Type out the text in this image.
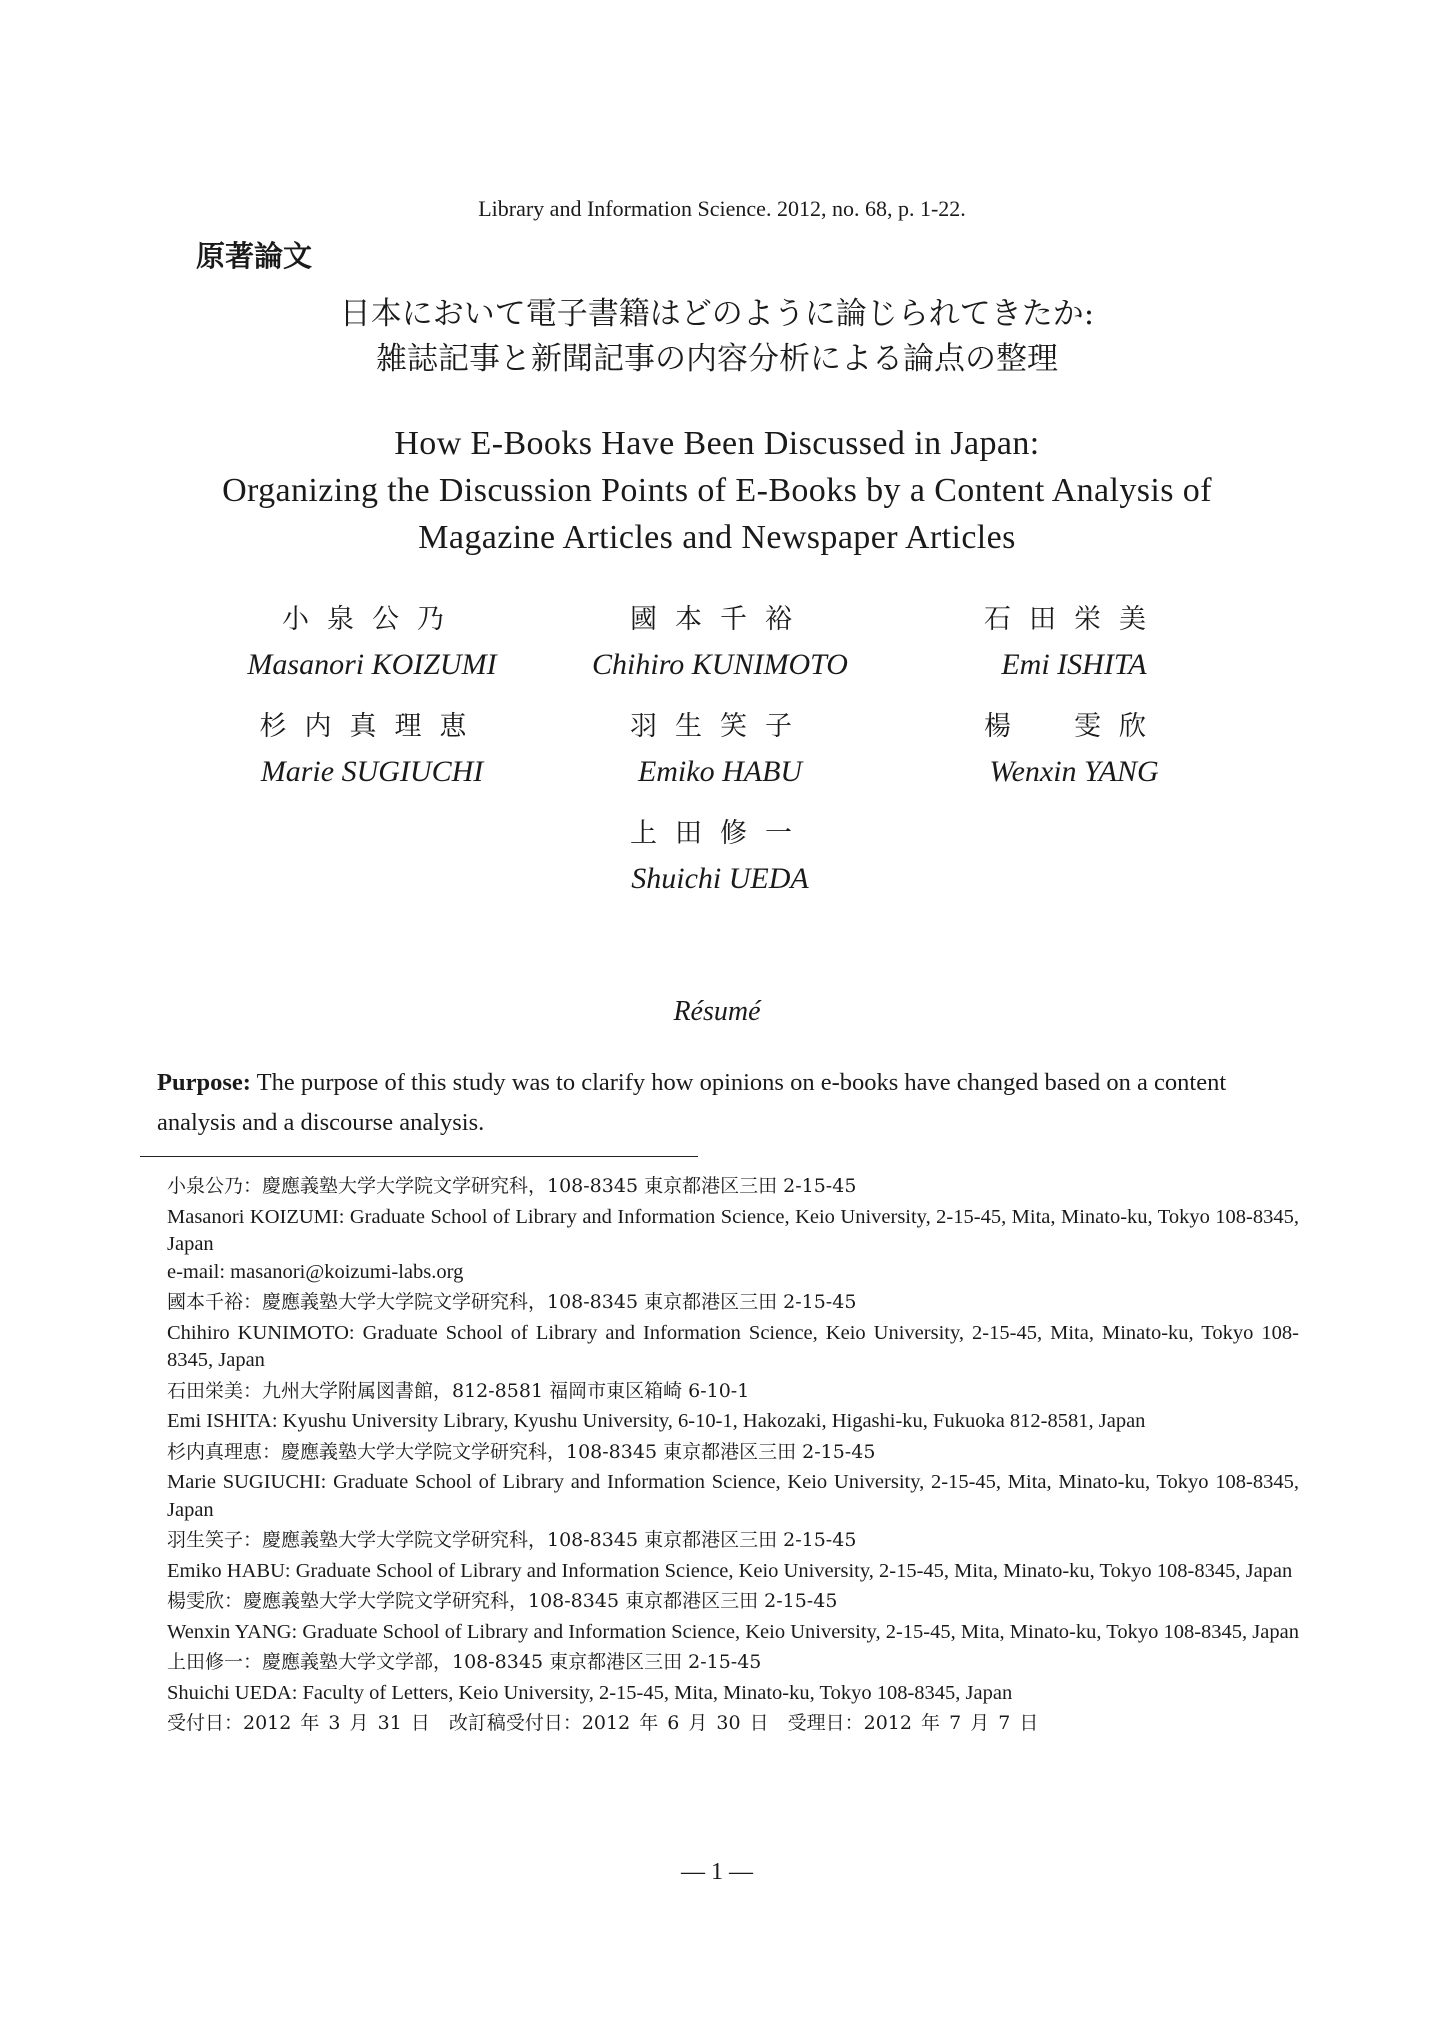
Library and Information Science. 2012, no. 68, p. 1-22.
原著論文
日本において電子書籍はどのように論じられてきたか:
雑誌記事と新聞記事の内容分析による論点の整理
How E-Books Have Been Discussed in Japan:
Organizing the Discussion Points of E-Books by a Content Analysis of
Magazine Articles and Newspaper Articles
小泉公乃
Masanori KOIZUMI
國本千裕
Chihiro KUNIMOTO
石田栄美
Emi ISHITA
杉内真理恵
Marie SUGIUCHI
羽生笑子
Emiko HABU
楊　雯欣
Wenxin YANG
上田修一
Shuichi UEDA
Résumé
Purpose: The purpose of this study was to clarify how opinions on e-books have changed based on a content analysis and a discourse analysis.
小泉公乃：慶應義塾大学大学院文学研究科，108-8345 東京都港区三田 2-15-45
Masanori KOIZUMI: Graduate School of Library and Information Science, Keio University, 2-15-45, Mita, Minato-ku, Tokyo 108-8345, Japan
e-mail: masanori@koizumi-labs.org
國本千裕：慶應義塾大学大学院文学研究科，108-8345 東京都港区三田 2-15-45
Chihiro KUNIMOTO: Graduate School of Library and Information Science, Keio University, 2-15-45, Mita, Minato-ku, Tokyo 108-8345, Japan
石田栄美：九州大学附属図書館，812-8581 福岡市東区箱崎 6-10-1
Emi ISHITA: Kyushu University Library, Kyushu University, 6-10-1, Hakozaki, Higashi-ku, Fukuoka 812-8581, Japan
杉内真理恵：慶應義塾大学大学院文学研究科，108-8345 東京都港区三田 2-15-45
Marie SUGIUCHI: Graduate School of Library and Information Science, Keio University, 2-15-45, Mita, Minato-ku, Tokyo 108-8345, Japan
羽生笑子：慶應義塾大学大学院文学研究科，108-8345 東京都港区三田 2-15-45
Emiko HABU: Graduate School of Library and Information Science, Keio University, 2-15-45, Mita, Minato-ku, Tokyo 108-8345, Japan
楊雯欣：慶應義塾大学大学院文学研究科，108-8345 東京都港区三田 2-15-45
Wenxin YANG: Graduate School of Library and Information Science, Keio University, 2-15-45, Mita, Minato-ku, Tokyo 108-8345, Japan
上田修一：慶應義塾大学文学部，108-8345 東京都港区三田 2-15-45
Shuichi UEDA: Faculty of Letters, Keio University, 2-15-45, Mita, Minato-ku, Tokyo 108-8345, Japan
受付日：2012 年 3 月 31 日　改訂稿受付日：2012 年 6 月 30 日　受理日：2012 年 7 月 7 日
— 1 —
